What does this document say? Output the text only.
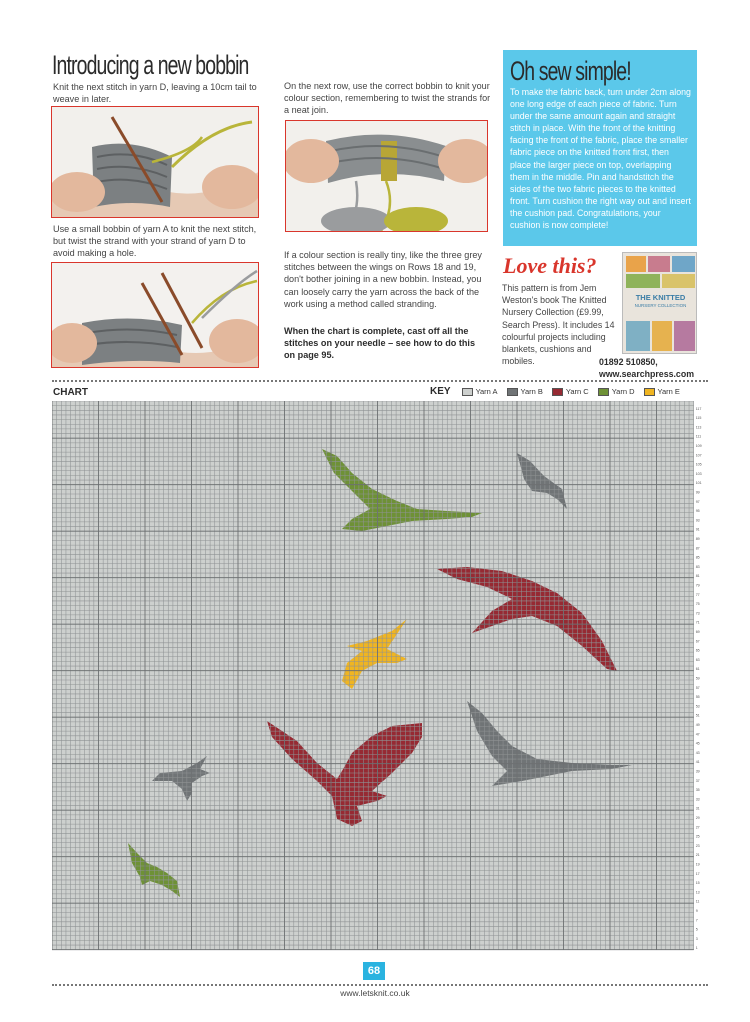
Introducing a new bobbin
Knit the next stitch in yarn D, leaving a 10cm tail to weave in later.
Use a small bobbin of yarn A to knit the next stitch, but twist the strand with your strand of yarn D to avoid making a hole.
On the next row, use the correct bobbin to knit your colour section, remembering to twist the strands for a neat join.
If a colour section is really tiny, like the three grey stitches between the wings on Rows 18 and 19, don't bother joining in a new bobbin. Instead, you can loosely carry the yarn across the back of the work using a method called stranding.
When the chart is complete, cast off all the stitches on your needle – see how to do this on page 95.
Oh sew simple!
To make the fabric back, turn under 2cm along one long edge of each piece of fabric. Turn under the same amount again and straight stitch in place. With the front of the knitting facing the front of the fabric, place the smaller fabric piece on the knitted front first, then place the larger piece on top, overlapping them in the middle. Pin and handstitch the sides of the two fabric pieces to the knitted front. Turn cushion the right way out and insert the cushion pad. Congratulations, your cushion is now complete!
Love this?
This pattern is from Jem Weston's book The Knitted Nursery Collection (£9.99, Search Press). It includes 14 colourful projects including blankets, cushions and mobiles.	01892 510850, www.searchpress.com
THE KNITTED
NURSERY COLLECTION
CHART	KEY	Yarn A	Yarn B	Yarn C	Yarn D	Yarn E
1
3
5
7
9
11
13
15
17
19
21
23
25
27
29
31
33
35
37
39
41
43
45
47
49
51
53
55
57
59
61
63
65
67
69
71
73
75
77
79
81
83
85
87
89
91
93
95
97
99
101
103
105
107
109
111
113
115
117
68
www.letsknit.co.uk
